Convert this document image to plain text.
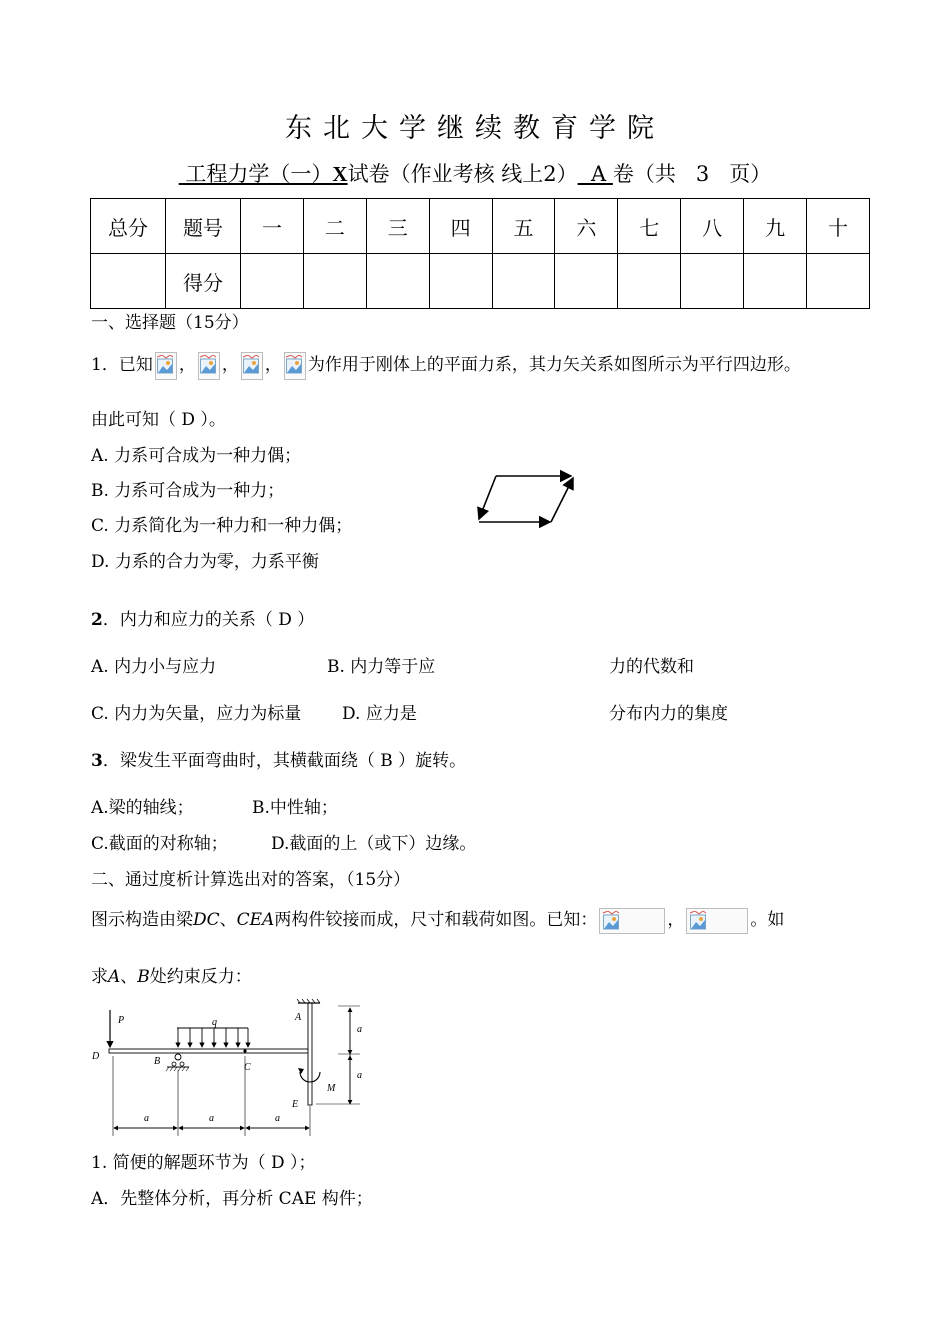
东北大学继续教育学院
工程力学（一）X试卷（作业考核 线上2） A 卷（共 3 页）
总分	题号	一	二	三	四	五	六	七	八	九	十
	得分										
一、选择题（15分）
1．已知 ， ， ， 为作用于刚体上的平面力系，其力矢关系如图所示为平行四边形。
由此可知（ D ）。
A. 力系可合成为一种力偶；
B. 力系可合成为一种力；
C. 力系简化为一种力和一种力偶；
D. 力系的合力为零，力系平衡
2．内力和应力的关系（ D ）
A. 内力小与应力	B. 内力等于应	力的代数和
C. 内力为矢量，应力为标量 D. 应力是	分布内力的集度
3．梁发生平面弯曲时，其横截面绕（ B ）旋转。
A.梁的轴线；	B.中性轴；
C.截面的对称轴；	D.截面的上（或下）边缘。
二、通过度析计算选出对的答案，（15分）
图示构造由梁DC、CEA两构件铰接而成，尺寸和载荷如图。已知：	，	。如
求A、B处约束反力：
P	q	A
D	B
C
E
M
a
a
a	a	a
1. 简便的解题环节为（ D ）；
A．先整体分析，再分析 CAE 构件；
